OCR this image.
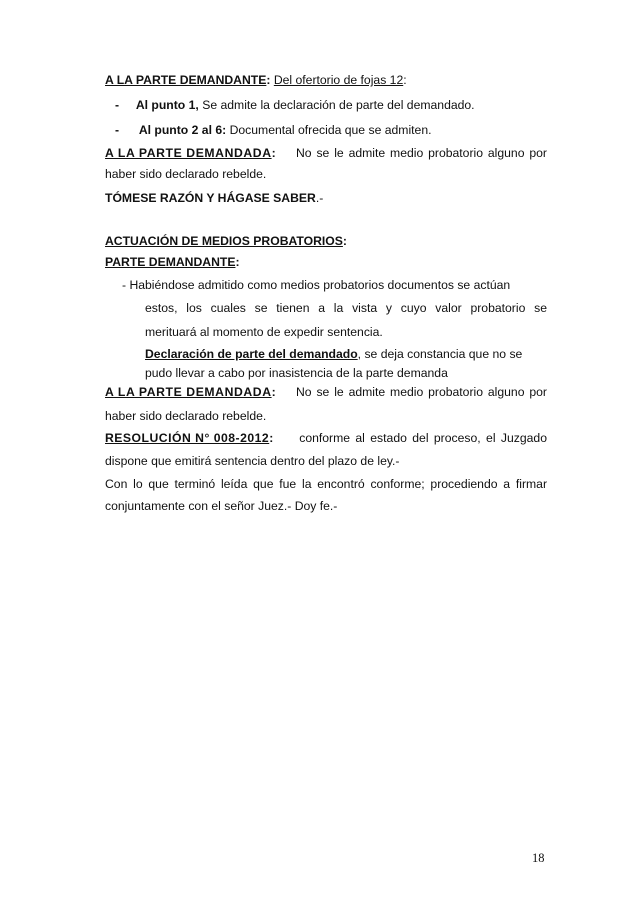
A LA PARTE DEMANDANTE: Del ofertorio de fojas 12:
- Al punto 1, Se admite la declaración de parte del demandado.
- Al punto 2 al 6: Documental ofrecida que se admiten.
A LA PARTE DEMANDADA: No se le admite medio probatorio alguno por
haber sido declarado rebelde.
TÓMESE RAZÓN Y HÁGASE SABER.-
ACTUACIÓN DE MEDIOS PROBATORIOS:
PARTE DEMANDANTE:
- Habiéndose admitido como medios probatorios documentos se actúan
estos, los cuales se tienen a la vista y cuyo valor probatorio se
merituará al momento de expedir sentencia.
Declaración de parte del demandado, se deja constancia que no se
pudo llevar a cabo por inasistencia de la parte demanda
A LA PARTE DEMANDADA: No se le admite medio probatorio alguno por
haber sido declarado rebelde.
RESOLUCIÓN N° 008-2012: conforme al estado del proceso, el Juzgado
dispone que emitirá sentencia dentro del plazo de ley.-
Con lo que terminó leída que fue la encontró conforme; procediendo a firmar
conjuntamente con el señor Juez.- Doy fe.-
18
